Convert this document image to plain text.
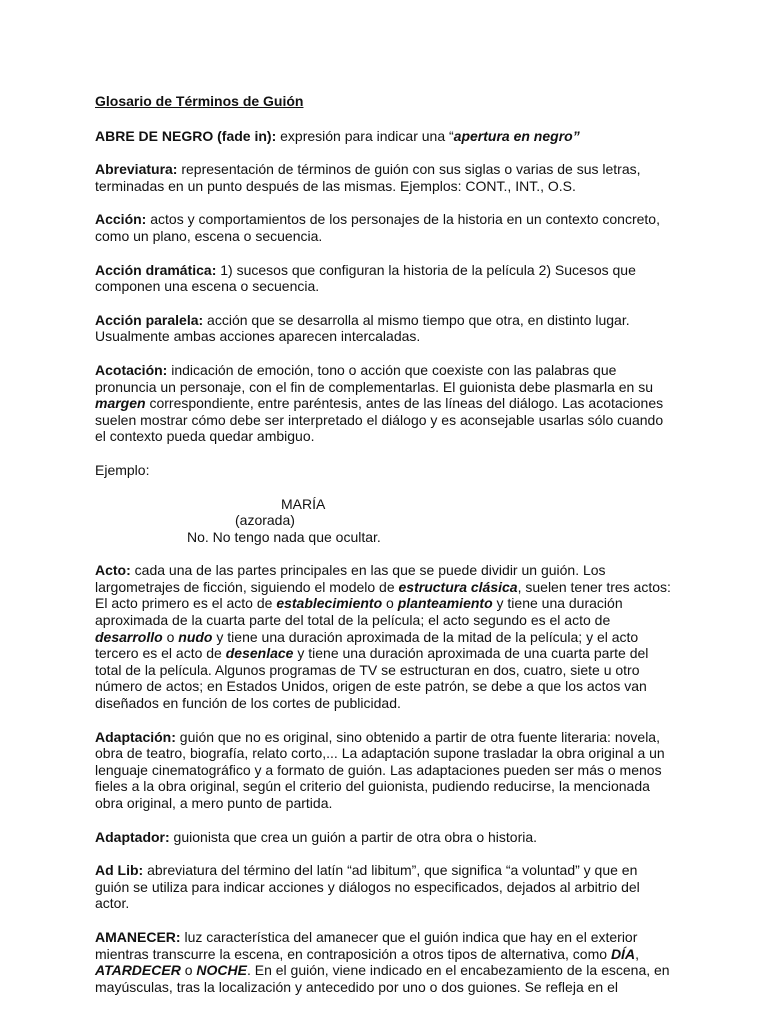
Glosario de Términos de Guión
ABRE DE NEGRO (fade in): expresión para indicar una “apertura en negro”
Abreviatura: representación de términos de guión con sus siglas o varias de sus letras, terminadas en un punto después de las mismas. Ejemplos: CONT., INT., O.S.
Acción: actos y comportamientos de los personajes de la historia en un contexto concreto, como un plano, escena o secuencia.
Acción dramática: 1) sucesos que configuran la historia de la película 2) Sucesos que componen una escena o secuencia.
Acción paralela: acción que se desarrolla al mismo tiempo que otra, en distinto lugar. Usualmente ambas acciones aparecen intercaladas.
Acotación: indicación de emoción, tono o acción que coexiste con las palabras que pronuncia un personaje, con el fin de complementarlas. El guionista debe plasmarla en su margen correspondiente, entre paréntesis, antes de las líneas del diálogo. Las acotaciones suelen mostrar cómo debe ser interpretado el diálogo y es aconsejable usarlas sólo cuando el contexto pueda quedar ambiguo.
Ejemplo:
MARÍA
(azorada)
No. No tengo nada que ocultar.
Acto: cada una de las partes principales en las que se puede dividir un guión. Los largometrajes de ficción, siguiendo el modelo de estructura clásica, suelen tener tres actos: El acto primero es el acto de establecimiento o planteamiento y tiene una duración aproximada de la cuarta parte del total de la película; el acto segundo es el acto de desarrollo o nudo y tiene una duración aproximada de la mitad de la película; y el acto tercero es el acto de desenlace y tiene una duración aproximada de una cuarta parte del total de la película. Algunos programas de TV se estructuran en dos, cuatro, siete u otro número de actos; en Estados Unidos, origen de este patrón, se debe a que los actos van diseñados en función de los cortes de publicidad.
Adaptación: guión que no es original, sino obtenido a partir de otra fuente literaria: novela, obra de teatro, biografía, relato corto,... La adaptación supone trasladar la obra original a un lenguaje cinematográfico y a formato de guión. Las adaptaciones pueden ser más o menos fieles a la obra original, según el criterio del guionista, pudiendo reducirse, la mencionada obra original, a mero punto de partida.
Adaptador: guionista que crea un guión a partir de otra obra o historia.
Ad Lib: abreviatura del término del latín “ad libitum”, que significa “a voluntad” y que en guión se utiliza para indicar acciones y diálogos no especificados, dejados al arbitrio del actor.
AMANECER: luz característica del amanecer que el guión indica que hay en el exterior mientras transcurre la escena, en contraposición a otros tipos de alternativa, como DÍA, ATARDECER o NOCHE. En el guión, viene indicado en el encabezamiento de la escena, en mayúsculas, tras la localización y antecedido por uno o dos guiones. Se refleja en el
